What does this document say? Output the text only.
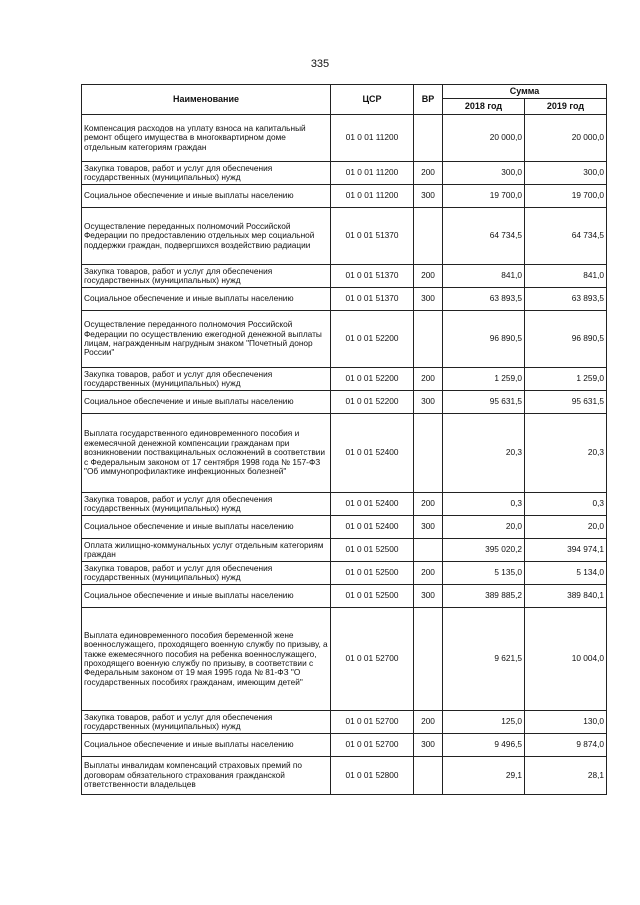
335
Наименование	ЦСР	ВР	Сумма	
			2018 год	2019 год
Компенсация расходов на уплату взноса на капитальный ремонт общего имущества в многоквартирном доме отдельным категориям граждан	01 0 01 11200		20 000,0	20 000,0
Закупка товаров, работ и услуг для обеспечения государственных (муниципальных) нужд	01 0 01 11200	200	300,0	300,0
Социальное обеспечение и иные выплаты населению	01 0 01 11200	300	19 700,0	19 700,0
Осуществление переданных полномочий Российской Федерации по предоставлению отдельных мер социальной поддержки граждан, подвергшихся воздействию радиации	01 0 01 51370		64 734,5	64 734,5
Закупка товаров, работ и услуг для обеспечения государственных (муниципальных) нужд	01 0 01 51370	200	841,0	841,0
Социальное обеспечение и иные выплаты населению	01 0 01 51370	300	63 893,5	63 893,5
Осуществление переданного полномочия Российской Федерации по осуществлению ежегодной денежной выплаты лицам, награжденным нагрудным знаком "Почетный донор России"	01 0 01 52200		96 890,5	96 890,5
Закупка товаров, работ и услуг для обеспечения государственных (муниципальных) нужд	01 0 01 52200	200	1 259,0	1 259,0
Социальное обеспечение и иные выплаты населению	01 0 01 52200	300	95 631,5	95 631,5
Выплата государственного единовременного пособия и ежемесячной денежной компенсации гражданам при возникновении поствакцинальных осложнений в соответствии с Федеральным законом от 17 сентября 1998 года № 157-ФЗ "Об иммунопрофилактике инфекционных болезней"	01 0 01 52400		20,3	20,3
Закупка товаров, работ и услуг для обеспечения государственных (муниципальных) нужд	01 0 01 52400	200	0,3	0,3
Социальное обеспечение и иные выплаты населению	01 0 01 52400	300	20,0	20,0
Оплата жилищно-коммунальных услуг отдельным категориям граждан	01 0 01 52500		395 020,2	394 974,1
Закупка товаров, работ и услуг для обеспечения государственных (муниципальных) нужд	01 0 01 52500	200	5 135,0	5 134,0
Социальное обеспечение и иные выплаты населению	01 0 01 52500	300	389 885,2	389 840,1
Выплата единовременного пособия беременной жене военнослужащего, проходящего военную службу по призыву, а также ежемесячного пособия на ребенка военнослужащего, проходящего военную службу по призыву, в соответствии с Федеральным законом от 19 мая 1995 года № 81-ФЗ "О государственных пособиях гражданам, имеющим детей"	01 0 01 52700		9 621,5	10 004,0
Закупка товаров, работ и услуг для обеспечения государственных (муниципальных) нужд	01 0 01 52700	200	125,0	130,0
Социальное обеспечение и иные выплаты населению	01 0 01 52700	300	9 496,5	9 874,0
Выплаты инвалидам компенсаций страховых премий по договорам обязательного страхования гражданской ответственности владельцев	01 0 01 52800		29,1	28,1
